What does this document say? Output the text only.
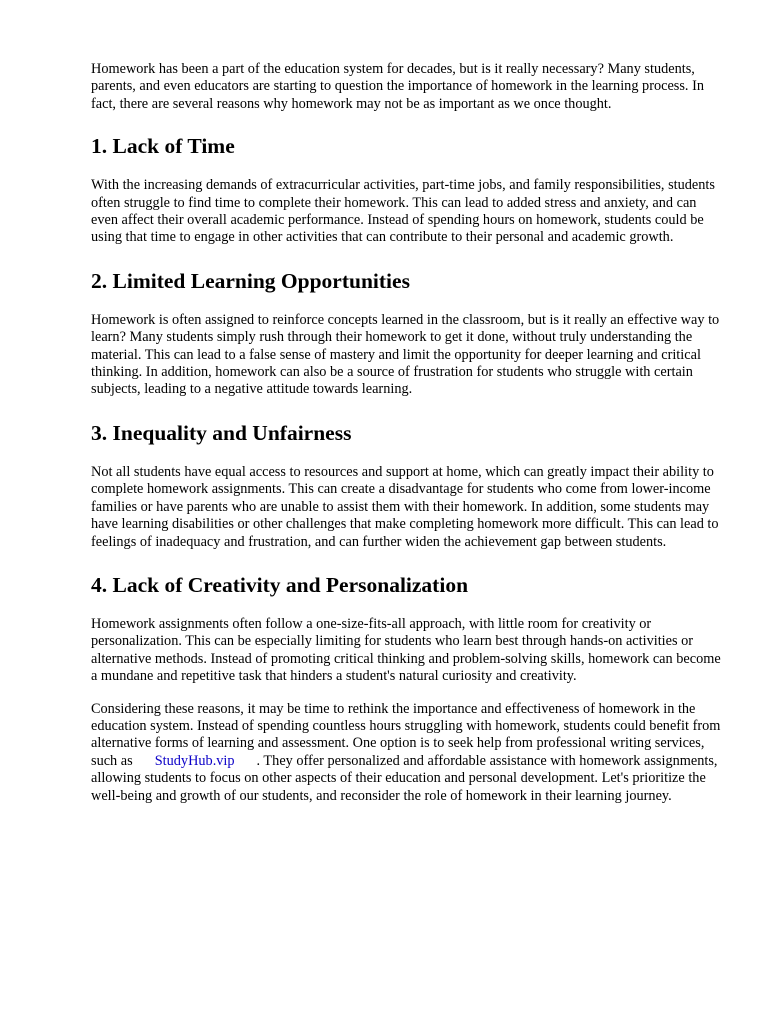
Homework has been a part of the education system for decades, but is it really necessary? Many students, parents, and even educators are starting to question the importance of homework in the learning process. In fact, there are several reasons why homework may not be as important as we once thought.

1. Lack of Time

With the increasing demands of extracurricular activities, part-time jobs, and family responsibilities, students often struggle to find time to complete their homework. This can lead to added stress and anxiety, and can even affect their overall academic performance. Instead of spending hours on homework, students could be using that time to engage in other activities that can contribute to their personal and academic growth.

2. Limited Learning Opportunities

Homework is often assigned to reinforce concepts learned in the classroom, but is it really an effective way to learn? Many students simply rush through their homework to get it done, without truly understanding the material. This can lead to a false sense of mastery and limit the opportunity for deeper learning and critical thinking. In addition, homework can also be a source of frustration for students who struggle with certain subjects, leading to a negative attitude towards learning.

3. Inequality and Unfairness

Not all students have equal access to resources and support at home, which can greatly impact their ability to complete homework assignments. This can create a disadvantage for students who come from lower-income families or have parents who are unable to assist them with their homework. In addition, some students may have learning disabilities or other challenges that make completing homework more difficult. This can lead to feelings of inadequacy and frustration, and can further widen the achievement gap between students.

4. Lack of Creativity and Personalization

Homework assignments often follow a one-size-fits-all approach, with little room for creativity or personalization. This can be especially limiting for students who learn best through hands-on activities or alternative methods. Instead of promoting critical thinking and problem-solving skills, homework can become a mundane and repetitive task that hinders a student's natural curiosity and creativity.

Considering these reasons, it may be time to rethink the importance and effectiveness of homework in the education system. Instead of spending countless hours struggling with homework, students could benefit from alternative forms of learning and assessment. One option is to seek help from professional writing services, such as StudyHub.vip . They offer personalized and affordable assistance with homework assignments, allowing students to focus on other aspects of their education and personal development. Let's prioritize the well-being and growth of our students, and reconsider the role of homework in their learning journey.
